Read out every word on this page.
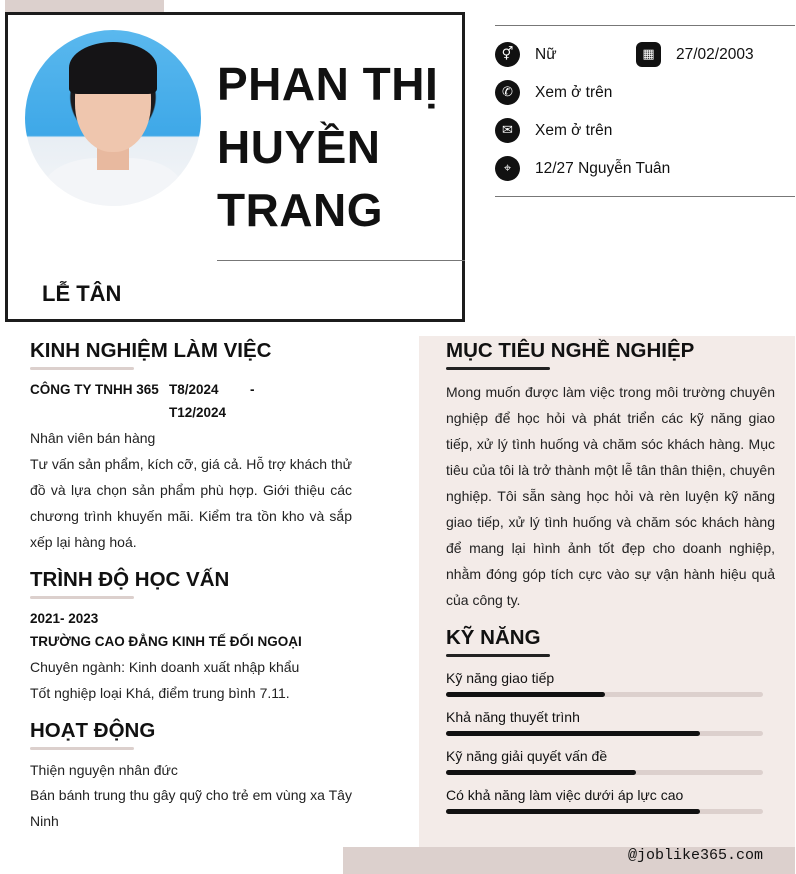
PHAN THỊ
HUYỀN
TRANG
LỄ TÂN
⚥	Nữ	▦	27/02/2003
✆	Xem ở trên
✉	Xem ở trên
⌖	12/27 Nguyễn Tuân
KINH NGHIỆM LÀM VIỆC
CÔNG TY TNHH 365 T8/2024 -
T12/2024
Nhân viên bán hàng
Tư vấn sản phẩm, kích cỡ, giá cả. Hỗ trợ khách thử đồ và lựa chọn sản phẩm phù hợp. Giới thiệu các chương trình khuyến mãi. Kiểm tra tồn kho và sắp xếp lại hàng hoá.
TRÌNH ĐỘ HỌC VẤN
2021- 2023
TRƯỜNG CAO ĐẲNG KINH TẾ ĐỐI NGOẠI
Chuyên ngành: Kinh doanh xuất nhập khẩu
Tốt nghiệp loại Khá, điểm trung bình 7.11.
HOẠT ĐỘNG
Thiện nguyện nhân đức
Bán bánh trung thu gây quỹ cho trẻ em vùng xa Tây Ninh
MỤC TIÊU NGHỀ NGHIỆP
Mong muốn được làm việc trong môi trường chuyên nghiệp để học hỏi và phát triển các kỹ năng giao tiếp, xử lý tình huống và chăm sóc khách hàng. Mục tiêu của tôi là trở thành một lễ tân thân thiện, chuyên nghiệp. Tôi sẵn sàng học hỏi và rèn luyện kỹ năng giao tiếp, xử lý tình huống và chăm sóc khách hàng để mang lại hình ảnh tốt đẹp cho doanh nghiệp, nhằm đóng góp tích cực vào sự vận hành hiệu quả của công ty.
KỸ NĂNG
Kỹ năng giao tiếp
Khả năng thuyết trình
Kỹ năng giải quyết vấn đề
Có khả năng làm việc dưới áp lực cao
@joblike365.com
